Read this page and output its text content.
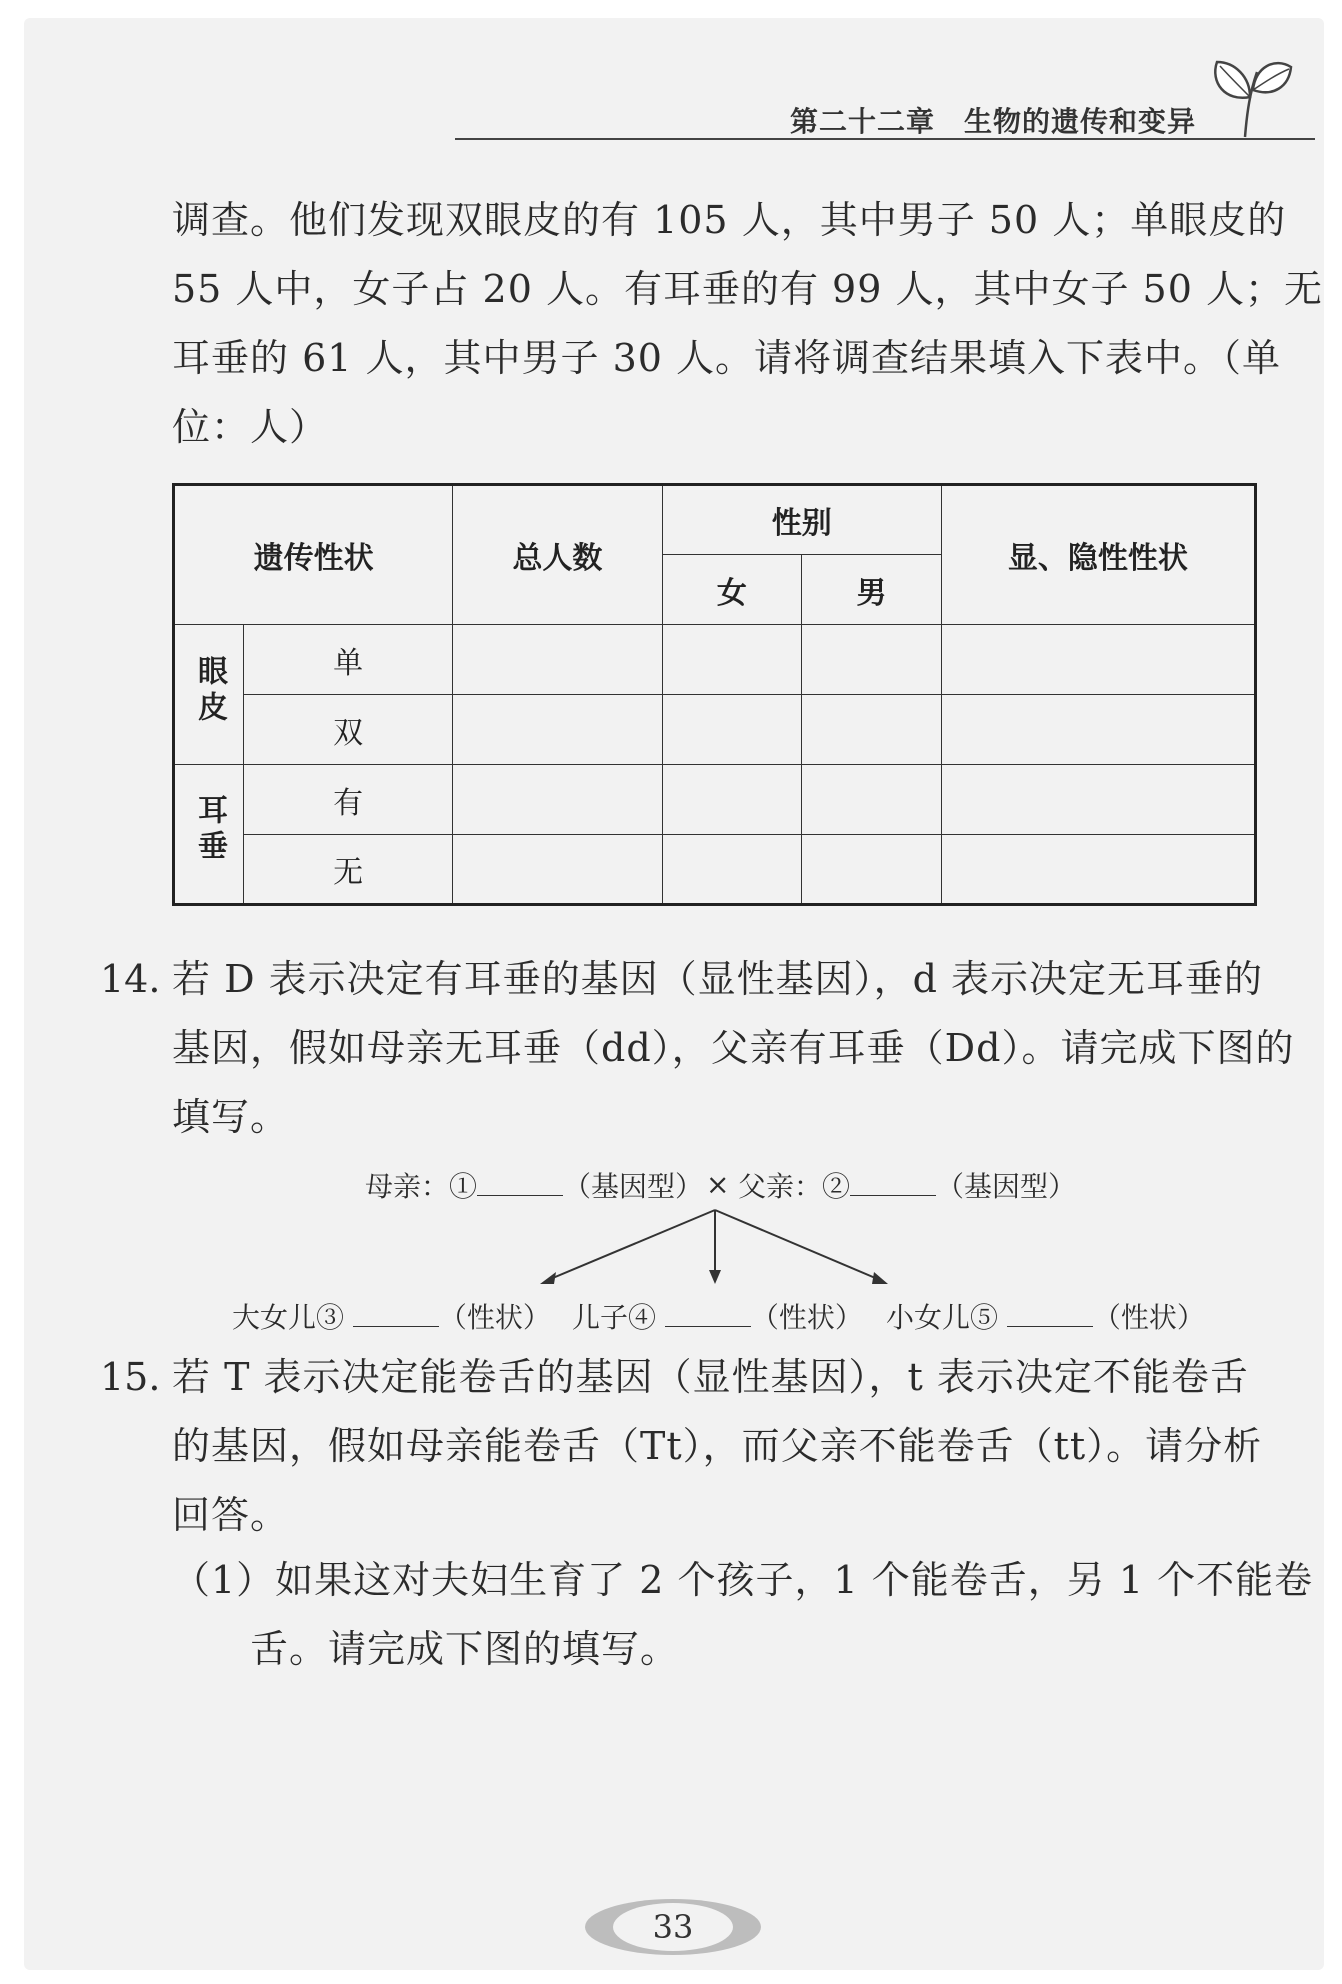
第二十二章　生物的遗传和变异
调查。他们发现双眼皮的有 105 人，其中男子 50 人；单眼皮的
55 人中，女子占 20 人。有耳垂的有 99 人，其中女子 50 人；无
耳垂的 61 人，其中男子 30 人。请将调查结果填入下表中。（单
位：人）
遗传性状		总人数	性别		显、隐性性状
			女	男	
眼皮	单				
	双				
耳垂	有				
	无				
14. 若 D 表示决定有耳垂的基因（显性基因），d 表示决定无耳垂的
基因，假如母亲无耳垂（dd），父亲有耳垂（Dd）。请完成下图的
填写。
母亲：①	（基因型） × 父亲：②	（基因型）
大女儿③	（性状） 儿子④	（性状） 小女儿⑤	（性状）
15. 若 T 表示决定能卷舌的基因（显性基因），t 表示决定不能卷舌
的基因，假如母亲能卷舌（Tt），而父亲不能卷舌（tt）。请分析
回答。
（1）如果这对夫妇生育了 2 个孩子，1 个能卷舌，另 1 个不能卷
舌。请完成下图的填写。
33
